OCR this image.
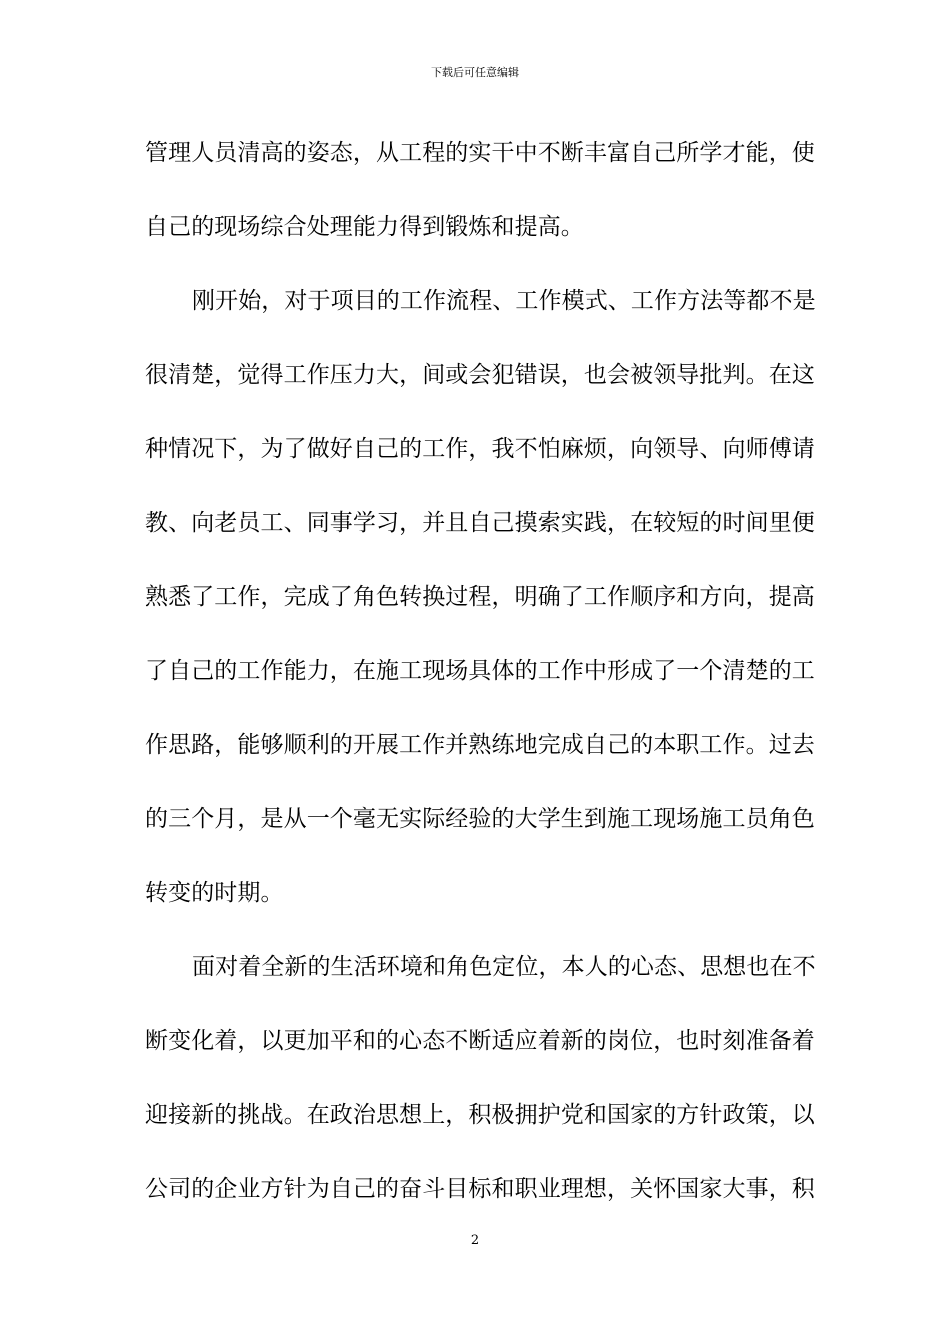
下载后可任意编辑
管理人员清高的姿态，从工程的实干中不断丰富自己所学才能，使
自己的现场综合处理能力得到锻炼和提高。
刚开始，对于项目的工作流程、工作模式、工作方法等都不是
很清楚，觉得工作压力大，间或会犯错误，也会被领导批判。在这
种情况下，为了做好自己的工作，我不怕麻烦，向领导、向师傅请
教、向老员工、同事学习，并且自己摸索实践，在较短的时间里便
熟悉了工作，完成了角色转换过程，明确了工作顺序和方向，提高
了自己的工作能力，在施工现场具体的工作中形成了一个清楚的工
作思路，能够顺利的开展工作并熟练地完成自己的本职工作。过去
的三个月，是从一个毫无实际经验的大学生到施工现场施工员角色
转变的时期。
面对着全新的生活环境和角色定位，本人的心态、思想也在不
断变化着，以更加平和的心态不断适应着新的岗位，也时刻准备着
迎接新的挑战。在政治思想上，积极拥护党和国家的方针政策，以
公司的企业方针为自己的奋斗目标和职业理想，关怀国家大事，积
2
